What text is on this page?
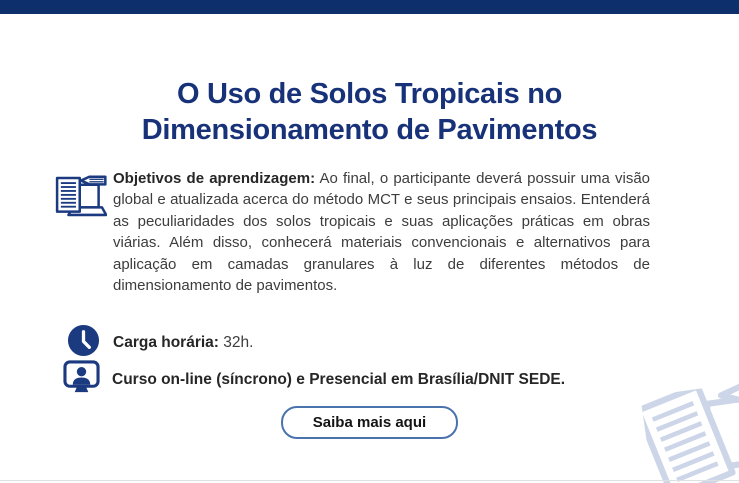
O Uso de Solos Tropicais no
Dimensionamento de Pavimentos
Objetivos de aprendizagem: Ao final, o participante deverá possuir uma visão global e atualizada acerca do método MCT e seus principais ensaios. Entenderá as peculiaridades dos solos tropicais e suas aplicações práticas em obras viárias. Além disso, conhecerá materiais convencionais e alternativos para aplicação em camadas granulares à luz de diferentes métodos de dimensionamento de pavimentos.
Carga horária: 32h.
Curso on-line (síncrono) e Presencial em Brasília/DNIT SEDE.
Saiba mais aqui
